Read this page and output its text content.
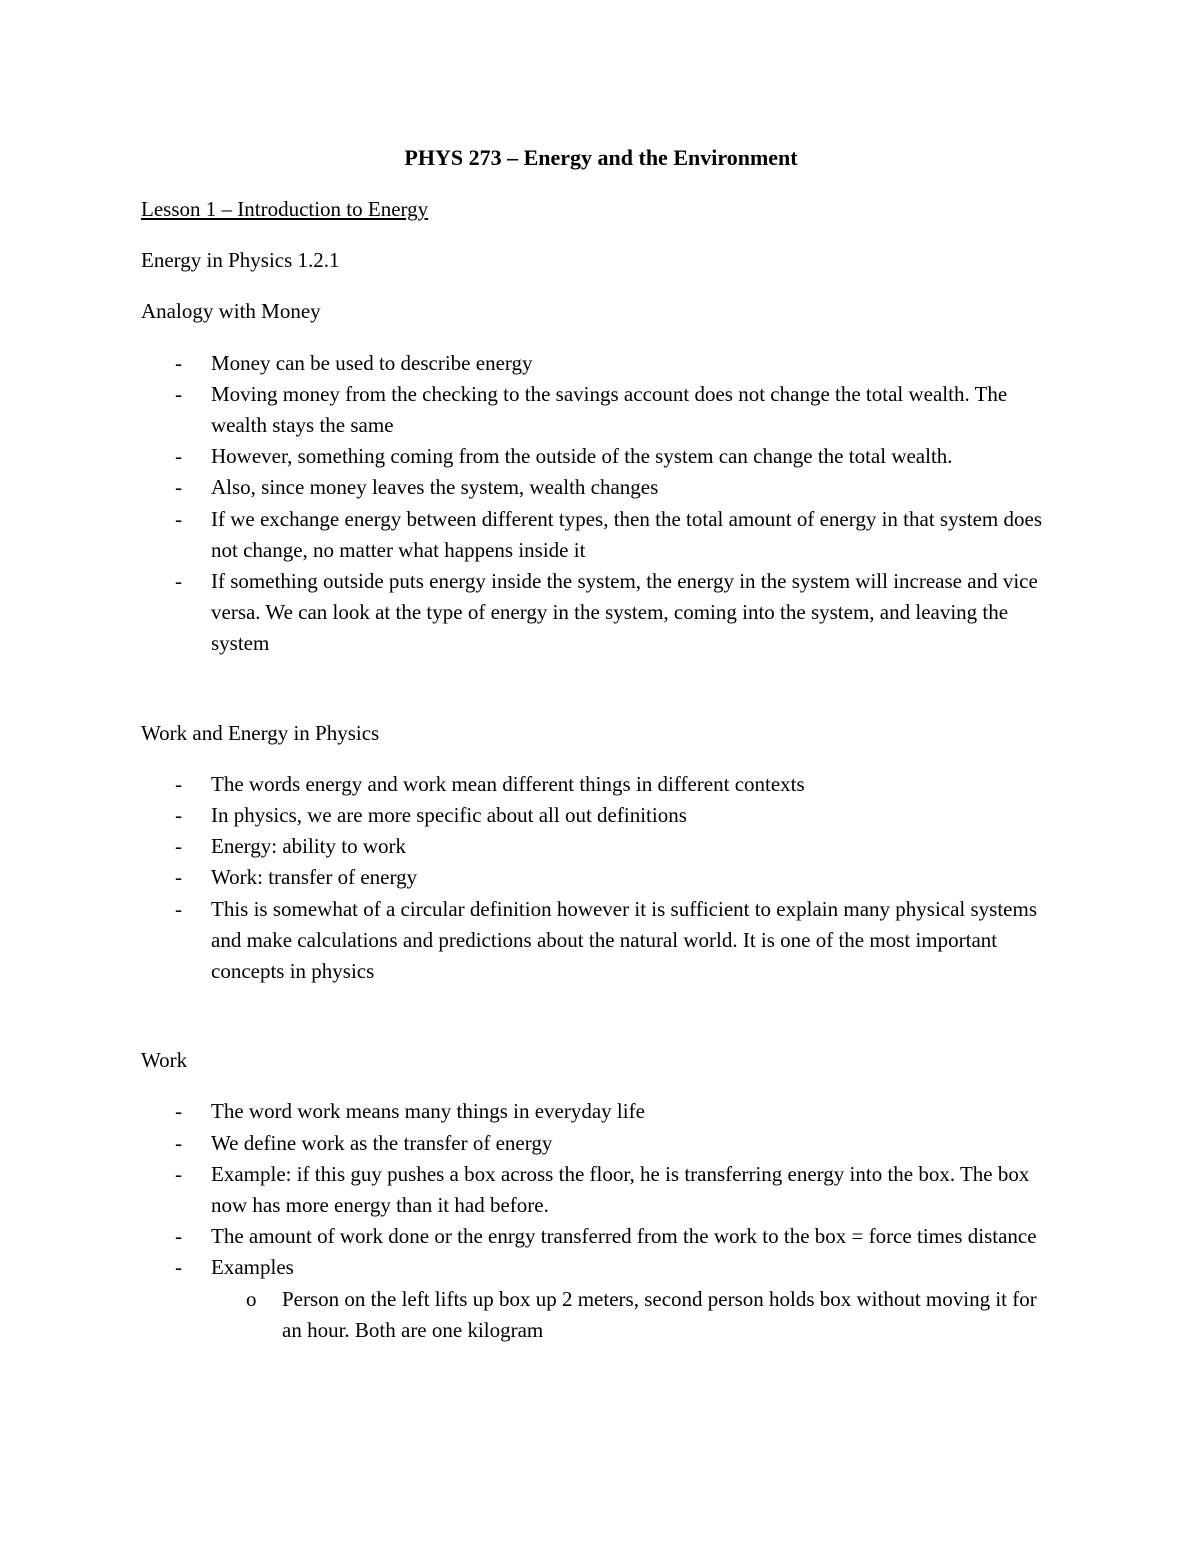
PHYS 273 – Energy and the Environment
Lesson 1 – Introduction to Energy
Energy in Physics 1.2.1
Analogy with Money
- Money can be used to describe energy
- Moving money from the checking to the savings account does not change the total wealth. The wealth stays the same
- However, something coming from the outside of the system can change the total wealth.
- Also, since money leaves the system, wealth changes
- If we exchange energy between different types, then the total amount of energy in that system does not change, no matter what happens inside it
- If something outside puts energy inside the system, the energy in the system will increase and vice versa. We can look at the type of energy in the system, coming into the system, and leaving the system
Work and Energy in Physics
- The words energy and work mean different things in different contexts
- In physics, we are more specific about all out definitions
- Energy: ability to work
- Work: transfer of energy
- This is somewhat of a circular definition however it is sufficient to explain many physical systems and make calculations and predictions about the natural world. It is one of the most important concepts in physics
Work
- The word work means many things in everyday life
- We define work as the transfer of energy
- Example: if this guy pushes a box across the floor, he is transferring energy into the box. The box now has more energy than it had before.
- The amount of work done or the enrgy transferred from the work to the box = force times distance
- Examples
o Person on the left lifts up box up 2 meters, second person holds box without moving it for an hour. Both are one kilogram
